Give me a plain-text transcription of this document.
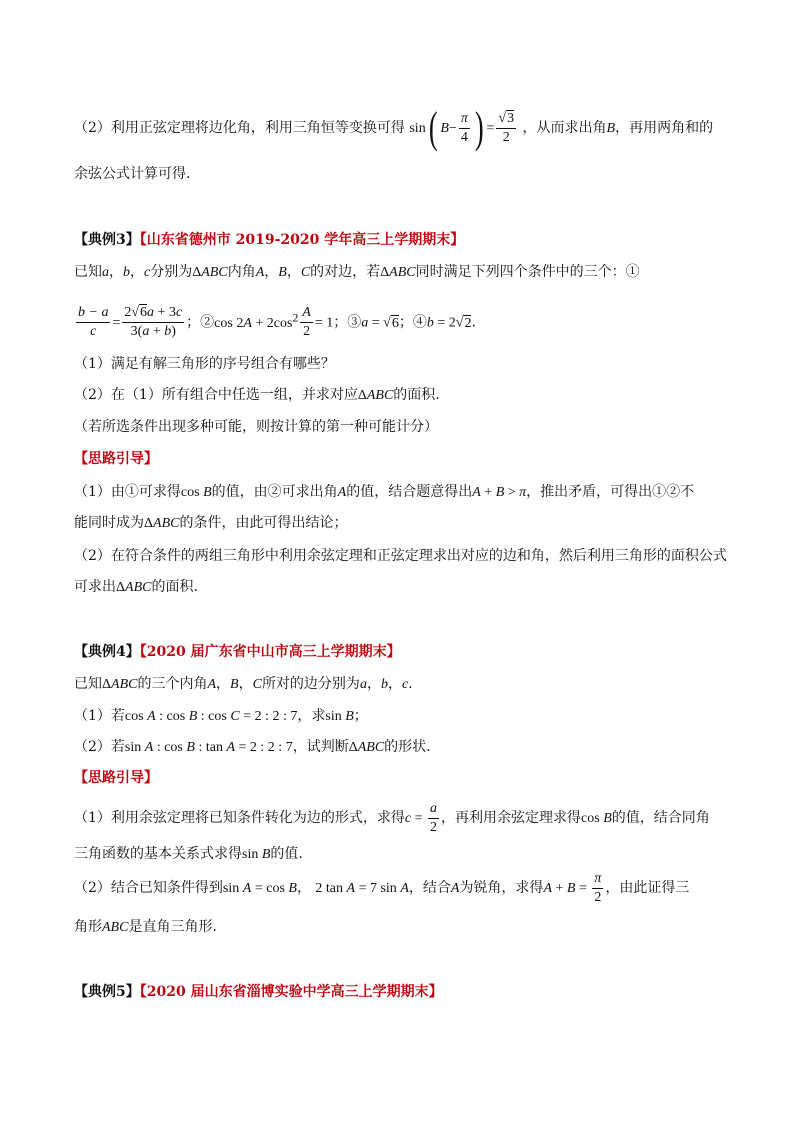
（2）利用正弦定理将边化角，利用三角恒等变换可得 sin( $B- \frac{\pi}{4}$ ) = $\frac{√3}{2}$ ，从而求出角B，再用两角和的
余弦公式计算可得.
【典例3】【山东省德州市 2019-2020 学年高三上学期期末】
已知a，b，c分别为ΔABC内角A，B，C的对边，若ΔABC同时满足下列四个条件中的三个：①
$\frac{b - a}{c} = \frac{2√6a + 3c}{3(a + b)}$ ；②cos $2A + 2\cos^2 \frac{A}{2} = 1$；③a = √6；④b = 2√2.
（1）满足有解三角形的序号组合有哪些？
（2）在（1）所有组合中任选一组，并求对应ΔABC的面积.
（若所选条件出现多种可能，则按计算的第一种可能计分）
【思路引导】
（1）由①可求得cos B的值，由②可求出角A的值，结合题意得出A + B > π，推出矛盾，可得出①②不
能同时成为ΔABC的条件，由此可得出结论；
（2）在符合条件的两组三角形中利用余弦定理和正弦定理求出对应的边和角，然后利用三角形的面积公式
可求出ΔABC的面积.
【典例4】【2020 届广东省中山市高三上学期期末】
已知ΔABC的三个内角A，B，C所对的边分别为a，b，c.
（1）若cos A : cos B : cos C = 2 : 2 : 7，求sin B；
（2）若sin A : cos B : tan A = 2 : 2 : 7，试判断ΔABC的形状.
【思路引导】
（1）利用余弦定理将已知条件转化为边的形式，求得$c = \frac{a}{2}$ ，再利用余弦定理求得cos B的值，结合同角
三角函数的基本关系式求得sin B的值.
（2）结合已知条件得到sin A = cos B， 2 tan A = 7 sin A，结合A为锐角，求得$A + B = \frac{\pi}{2}$ ，由此证得三
角形ABC是直角三角形.
【典例5】【2020 届山东省淄博实验中学高三上学期期末】
